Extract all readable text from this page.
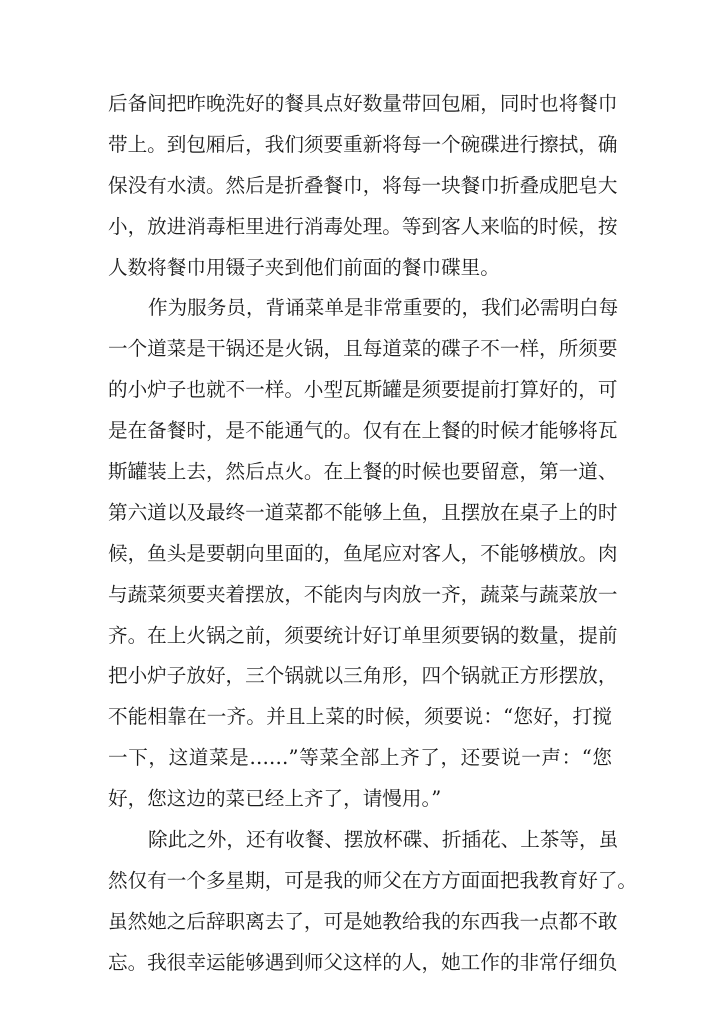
后备间把昨晚洗好的餐具点好数量带回包厢，同时也将餐巾
带上。到包厢后，我们须要重新将每一个碗碟进行擦拭，确
保没有水渍。然后是折叠餐巾，将每一块餐巾折叠成肥皂大
小，放进消毒柜里进行消毒处理。等到客人来临的时候，按
人数将餐巾用镊子夹到他们前面的餐巾碟里。
作为服务员，背诵菜单是非常重要的，我们必需明白每
一个道菜是干锅还是火锅，且每道菜的碟子不一样，所须要
的小炉子也就不一样。小型瓦斯罐是须要提前打算好的，可
是在备餐时，是不能通气的。仅有在上餐的时候才能够将瓦
斯罐装上去，然后点火。在上餐的时候也要留意，第一道、
第六道以及最终一道菜都不能够上鱼，且摆放在桌子上的时
候，鱼头是要朝向里面的，鱼尾应对客人，不能够横放。肉
与蔬菜须要夹着摆放，不能肉与肉放一齐，蔬菜与蔬菜放一
齐。在上火锅之前，须要统计好订单里须要锅的数量，提前
把小炉子放好，三个锅就以三角形，四个锅就正方形摆放，
不能相靠在一齐。并且上菜的时候，须要说：“您好，打搅
一下，这道菜是……”等菜全部上齐了，还要说一声：“您
好，您这边的菜已经上齐了，请慢用。”
除此之外，还有收餐、摆放杯碟、折插花、上茶等，虽
然仅有一个多星期，可是我的师父在方方面面把我教育好了。
虽然她之后辞职离去了，可是她教给我的东西我一点都不敢
忘。我很幸运能够遇到师父这样的人，她工作的非常仔细负
